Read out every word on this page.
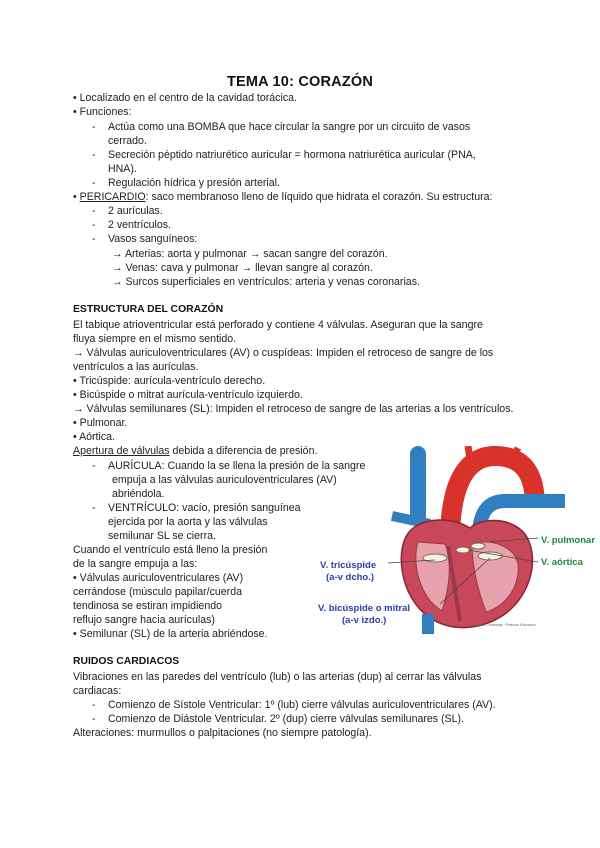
TEMA 10: CORAZÓN
• Localizado en el centro de la cavidad torácica.
• Funciones:
- Actúa como una BOMBA que hace circular la sangre por un circuito de vasos
cerrado.
- Secreción péptido natriurético auricular = hormona natriurética auricular (PNA,
HNA).
- Regulación hídrica y presión arterial.
• PERICARDIO: saco membranoso lleno de líquido que hidrata el corazón. Su estructura:
- 2 aurículas.
- 2 ventrículos.
- Vasos sanguíneos:
→ Arterias: aorta y pulmonar → sacan sangre del corazón.
→ Venas: cava y pulmonar → llevan sangre al corazón.
→ Surcos superficiales en ventrículos: arteria y venas coronarias.
ESTRUCTURA DEL CORAZÓN
El tabique atrioventricular está perforado y contiene 4 válvulas. Aseguran que la sangre
fluya siempre en el mismo sentido.
→ Válvulas auriculoventriculares (AV) o cuspídeas: Impiden el retroceso de sangre de los
ventrículos a las aurículas.
• Tricúspide: aurícula-ventrículo derecho.
• Bicúspide o mitrat aurícula-ventrículo izquierdo.
→ Válvulas semilunares (SL): Impiden el retroceso de sangre de las arterias a los ventrículos.
• Pulmonar.
• Aórtica.
Apertura de válvulas debida a diferencia de presión.
- AURÍCULA: Cuando la se llena la presión de la sangre
empuja a las válvulas auriculoventriculares (AV)
abriéndola.
- VENTRÍCULO: vacío, presión sanguínea
ejercida por la aorta y las válvulas
semilunar SL se cierra.
Cuando el ventrículo está lleno la presión
de la sangre empuja a las:
• Válvulas auriculoventriculares (AV)
cerrándose (músculo papilar/cuerda
tendinosa se estiran impidiendo
reflujo sangre hacia aurículas)
• Semilunar (SL) de la arteria abriéndose.
V. pulmonar
V. aórtica
V. tricúspide
(a-v dcho.)
V. bicúspide o mitral
(a-v izdo.)	©Benjamin Cummings · Pearson Education
RUIDOS CARDIACOS
Vibraciones en las paredes del ventrículo (lub) o las arterias (dup) al cerrar las válvulas
cardiacas:
- Comienzo de Sístole Ventricular: 1º (lub) cierre válvulas auriculoventriculares (AV).
- Comienzo de Diástole Ventricular. 2º (dup) cierre válvulas semilunares (SL).
Alteraciones: murmullos o palpitaciones (no siempre patología).
